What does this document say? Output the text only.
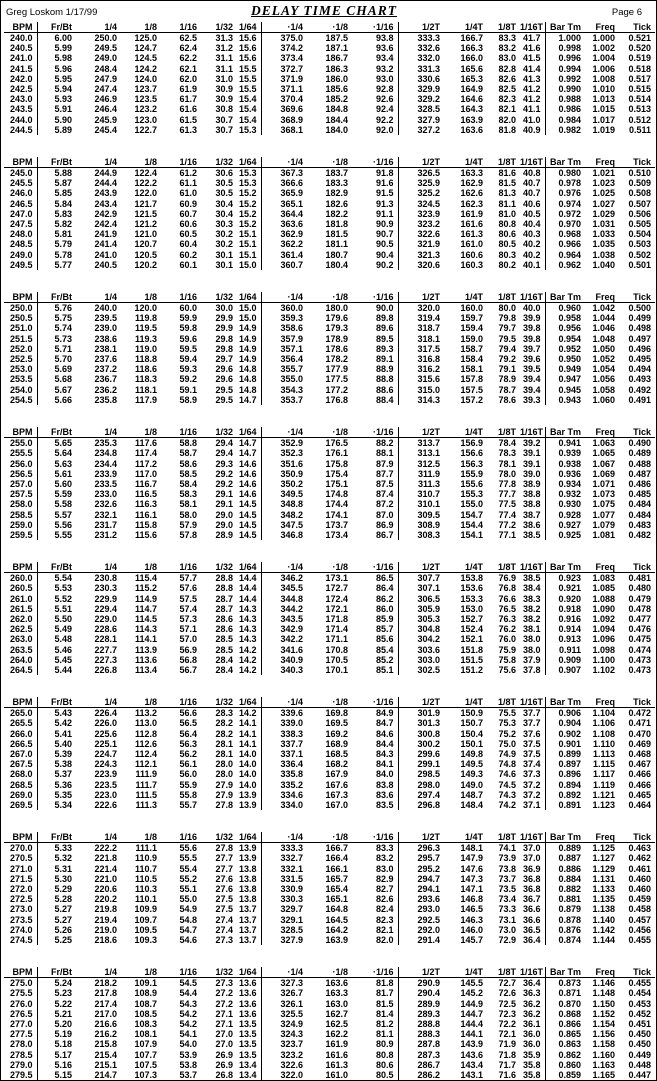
Greg Loskom 1/17/99	DELAY TIME CHART	Page 6
BPM	Fr/Bt	1/4	1/8	1/16	1/32	1/64	·1/4	·1/8	·1/16	1/2T	1/4T	1/8T	1/16T	Bar Tm	Freq	Tick
240.0	6.00	250.0	125.0	62.5	31.3	15.6	375.0	187.5	93.8	333.3	166.7	83.3	41.7	1.000	1.000	0.521
240.5	5.99	249.5	124.7	62.4	31.2	15.6	374.2	187.1	93.6	332.6	166.3	83.2	41.6	0.998	1.002	0.520
241.0	5.98	249.0	124.5	62.2	31.1	15.6	373.4	186.7	93.4	332.0	166.0	83.0	41.5	0.996	1.004	0.519
241.5	5.96	248.4	124.2	62.1	31.1	15.5	372.7	186.3	93.2	331.3	165.6	82.8	41.4	0.994	1.006	0.518
242.0	5.95	247.9	124.0	62.0	31.0	15.5	371.9	186.0	93.0	330.6	165.3	82.6	41.3	0.992	1.008	0.517
242.5	5.94	247.4	123.7	61.9	30.9	15.5	371.1	185.6	92.8	329.9	164.9	82.5	41.2	0.990	1.010	0.515
243.0	5.93	246.9	123.5	61.7	30.9	15.4	370.4	185.2	92.6	329.2	164.6	82.3	41.2	0.988	1.013	0.514
243.5	5.91	246.4	123.2	61.6	30.8	15.4	369.6	184.8	92.4	328.5	164.3	82.1	41.1	0.986	1.015	0.513
244.0	5.90	245.9	123.0	61.5	30.7	15.4	368.9	184.4	92.2	327.9	163.9	82.0	41.0	0.984	1.017	0.512
244.5	5.89	245.4	122.7	61.3	30.7	15.3	368.1	184.0	92.0	327.2	163.6	81.8	40.9	0.982	1.019	0.511
BPM	Fr/Bt	1/4	1/8	1/16	1/32	1/64	·1/4	·1/8	·1/16	1/2T	1/4T	1/8T	1/16T	Bar Tm	Freq	Tick
245.0	5.88	244.9	122.4	61.2	30.6	15.3	367.3	183.7	91.8	326.5	163.3	81.6	40.8	0.980	1.021	0.510
245.5	5.87	244.4	122.2	61.1	30.5	15.3	366.6	183.3	91.6	325.9	162.9	81.5	40.7	0.978	1.023	0.509
246.0	5.85	243.9	122.0	61.0	30.5	15.2	365.9	182.9	91.5	325.2	162.6	81.3	40.7	0.976	1.025	0.508
246.5	5.84	243.4	121.7	60.9	30.4	15.2	365.1	182.6	91.3	324.5	162.3	81.1	40.6	0.974	1.027	0.507
247.0	5.83	242.9	121.5	60.7	30.4	15.2	364.4	182.2	91.1	323.9	161.9	81.0	40.5	0.972	1.029	0.506
247.5	5.82	242.4	121.2	60.6	30.3	15.2	363.6	181.8	90.9	323.2	161.6	80.8	40.4	0.970	1.031	0.505
248.0	5.81	241.9	121.0	60.5	30.2	15.1	362.9	181.5	90.7	322.6	161.3	80.6	40.3	0.968	1.033	0.504
248.5	5.79	241.4	120.7	60.4	30.2	15.1	362.2	181.1	90.5	321.9	161.0	80.5	40.2	0.966	1.035	0.503
249.0	5.78	241.0	120.5	60.2	30.1	15.1	361.4	180.7	90.4	321.3	160.6	80.3	40.2	0.964	1.038	0.502
249.5	5.77	240.5	120.2	60.1	30.1	15.0	360.7	180.4	90.2	320.6	160.3	80.2	40.1	0.962	1.040	0.501
BPM	Fr/Bt	1/4	1/8	1/16	1/32	1/64	·1/4	·1/8	·1/16	1/2T	1/4T	1/8T	1/16T	Bar Tm	Freq	Tick
250.0	5.76	240.0	120.0	60.0	30.0	15.0	360.0	180.0	90.0	320.0	160.0	80.0	40.0	0.960	1.042	0.500
250.5	5.75	239.5	119.8	59.9	29.9	15.0	359.3	179.6	89.8	319.4	159.7	79.8	39.9	0.958	1.044	0.499
251.0	5.74	239.0	119.5	59.8	29.9	14.9	358.6	179.3	89.6	318.7	159.4	79.7	39.8	0.956	1.046	0.498
251.5	5.73	238.6	119.3	59.6	29.8	14.9	357.9	178.9	89.5	318.1	159.0	79.5	39.8	0.954	1.048	0.497
252.0	5.71	238.1	119.0	59.5	29.8	14.9	357.1	178.6	89.3	317.5	158.7	79.4	39.7	0.952	1.050	0.496
252.5	5.70	237.6	118.8	59.4	29.7	14.9	356.4	178.2	89.1	316.8	158.4	79.2	39.6	0.950	1.052	0.495
253.0	5.69	237.2	118.6	59.3	29.6	14.8	355.7	177.9	88.9	316.2	158.1	79.1	39.5	0.949	1.054	0.494
253.5	5.68	236.7	118.3	59.2	29.6	14.8	355.0	177.5	88.8	315.6	157.8	78.9	39.4	0.947	1.056	0.493
254.0	5.67	236.2	118.1	59.1	29.5	14.8	354.3	177.2	88.6	315.0	157.5	78.7	39.4	0.945	1.058	0.492
254.5	5.66	235.8	117.9	58.9	29.5	14.7	353.7	176.8	88.4	314.3	157.2	78.6	39.3	0.943	1.060	0.491
BPM	Fr/Bt	1/4	1/8	1/16	1/32	1/64	·1/4	·1/8	·1/16	1/2T	1/4T	1/8T	1/16T	Bar Tm	Freq	Tick
255.0	5.65	235.3	117.6	58.8	29.4	14.7	352.9	176.5	88.2	313.7	156.9	78.4	39.2	0.941	1.063	0.490
255.5	5.64	234.8	117.4	58.7	29.4	14.7	352.3	176.1	88.1	313.1	156.6	78.3	39.1	0.939	1.065	0.489
256.0	5.63	234.4	117.2	58.6	29.3	14.6	351.6	175.8	87.9	312.5	156.3	78.1	39.1	0.938	1.067	0.488
256.5	5.61	233.9	117.0	58.5	29.2	14.6	350.9	175.4	87.7	311.9	155.9	78.0	39.0	0.936	1.069	0.487
257.0	5.60	233.5	116.7	58.4	29.2	14.6	350.2	175.1	87.5	311.3	155.6	77.8	38.9	0.934	1.071	0.486
257.5	5.59	233.0	116.5	58.3	29.1	14.6	349.5	174.8	87.4	310.7	155.3	77.7	38.8	0.932	1.073	0.485
258.0	5.58	232.6	116.3	58.1	29.1	14.5	348.8	174.4	87.2	310.1	155.0	77.5	38.8	0.930	1.075	0.484
258.5	5.57	232.1	116.1	58.0	29.0	14.5	348.2	174.1	87.0	309.5	154.7	77.4	38.7	0.928	1.077	0.484
259.0	5.56	231.7	115.8	57.9	29.0	14.5	347.5	173.7	86.9	308.9	154.4	77.2	38.6	0.927	1.079	0.483
259.5	5.55	231.2	115.6	57.8	28.9	14.5	346.8	173.4	86.7	308.3	154.1	77.1	38.5	0.925	1.081	0.482
BPM	Fr/Bt	1/4	1/8	1/16	1/32	1/64	·1/4	·1/8	·1/16	1/2T	1/4T	1/8T	1/16T	Bar Tm	Freq	Tick
260.0	5.54	230.8	115.4	57.7	28.8	14.4	346.2	173.1	86.5	307.7	153.8	76.9	38.5	0.923	1.083	0.481
260.5	5.53	230.3	115.2	57.6	28.8	14.4	345.5	172.7	86.4	307.1	153.6	76.8	38.4	0.921	1.085	0.480
261.0	5.52	229.9	114.9	57.5	28.7	14.4	344.8	172.4	86.2	306.5	153.3	76.6	38.3	0.920	1.088	0.479
261.5	5.51	229.4	114.7	57.4	28.7	14.3	344.2	172.1	86.0	305.9	153.0	76.5	38.2	0.918	1.090	0.478
262.0	5.50	229.0	114.5	57.3	28.6	14.3	343.5	171.8	85.9	305.3	152.7	76.3	38.2	0.916	1.092	0.477
262.5	5.49	228.6	114.3	57.1	28.6	14.3	342.9	171.4	85.7	304.8	152.4	76.2	38.1	0.914	1.094	0.476
263.0	5.48	228.1	114.1	57.0	28.5	14.3	342.2	171.1	85.6	304.2	152.1	76.0	38.0	0.913	1.096	0.475
263.5	5.46	227.7	113.9	56.9	28.5	14.2	341.6	170.8	85.4	303.6	151.8	75.9	38.0	0.911	1.098	0.474
264.0	5.45	227.3	113.6	56.8	28.4	14.2	340.9	170.5	85.2	303.0	151.5	75.8	37.9	0.909	1.100	0.473
264.5	5.44	226.8	113.4	56.7	28.4	14.2	340.3	170.1	85.1	302.5	151.2	75.6	37.8	0.907	1.102	0.473
BPM	Fr/Bt	1/4	1/8	1/16	1/32	1/64	·1/4	·1/8	·1/16	1/2T	1/4T	1/8T	1/16T	Bar Tm	Freq	Tick
265.0	5.43	226.4	113.2	56.6	28.3	14.2	339.6	169.8	84.9	301.9	150.9	75.5	37.7	0.906	1.104	0.472
265.5	5.42	226.0	113.0	56.5	28.2	14.1	339.0	169.5	84.7	301.3	150.7	75.3	37.7	0.904	1.106	0.471
266.0	5.41	225.6	112.8	56.4	28.2	14.1	338.3	169.2	84.6	300.8	150.4	75.2	37.6	0.902	1.108	0.470
266.5	5.40	225.1	112.6	56.3	28.1	14.1	337.7	168.9	84.4	300.2	150.1	75.0	37.5	0.901	1.110	0.469
267.0	5.39	224.7	112.4	56.2	28.1	14.0	337.1	168.5	84.3	299.6	149.8	74.9	37.5	0.899	1.113	0.468
267.5	5.38	224.3	112.1	56.1	28.0	14.0	336.4	168.2	84.1	299.1	149.5	74.8	37.4	0.897	1.115	0.467
268.0	5.37	223.9	111.9	56.0	28.0	14.0	335.8	167.9	84.0	298.5	149.3	74.6	37.3	0.896	1.117	0.466
268.5	5.36	223.5	111.7	55.9	27.9	14.0	335.2	167.6	83.8	298.0	149.0	74.5	37.2	0.894	1.119	0.466
269.0	5.35	223.0	111.5	55.8	27.9	13.9	334.6	167.3	83.6	297.4	148.7	74.3	37.2	0.892	1.121	0.465
269.5	5.34	222.6	111.3	55.7	27.8	13.9	334.0	167.0	83.5	296.8	148.4	74.2	37.1	0.891	1.123	0.464
BPM	Fr/Bt	1/4	1/8	1/16	1/32	1/64	·1/4	·1/8	·1/16	1/2T	1/4T	1/8T	1/16T	Bar Tm	Freq	Tick
270.0	5.33	222.2	111.1	55.6	27.8	13.9	333.3	166.7	83.3	296.3	148.1	74.1	37.0	0.889	1.125	0.463
270.5	5.32	221.8	110.9	55.5	27.7	13.9	332.7	166.4	83.2	295.7	147.9	73.9	37.0	0.887	1.127	0.462
271.0	5.31	221.4	110.7	55.4	27.7	13.8	332.1	166.1	83.0	295.2	147.6	73.8	36.9	0.886	1.129	0.461
271.5	5.30	221.0	110.5	55.2	27.6	13.8	331.5	165.7	82.9	294.7	147.3	73.7	36.8	0.884	1.131	0.460
272.0	5.29	220.6	110.3	55.1	27.6	13.8	330.9	165.4	82.7	294.1	147.1	73.5	36.8	0.882	1.133	0.460
272.5	5.28	220.2	110.1	55.0	27.5	13.8	330.3	165.1	82.6	293.6	146.8	73.4	36.7	0.881	1.135	0.459
273.0	5.27	219.8	109.9	54.9	27.5	13.7	329.7	164.8	82.4	293.0	146.5	73.3	36.6	0.879	1.138	0.458
273.5	5.27	219.4	109.7	54.8	27.4	13.7	329.1	164.5	82.3	292.5	146.3	73.1	36.6	0.878	1.140	0.457
274.0	5.26	219.0	109.5	54.7	27.4	13.7	328.5	164.2	82.1	292.0	146.0	73.0	36.5	0.876	1.142	0.456
274.5	5.25	218.6	109.3	54.6	27.3	13.7	327.9	163.9	82.0	291.4	145.7	72.9	36.4	0.874	1.144	0.455
BPM	Fr/Bt	1/4	1/8	1/16	1/32	1/64	·1/4	·1/8	·1/16	1/2T	1/4T	1/8T	1/16T	Bar Tm	Freq	Tick
275.0	5.24	218.2	109.1	54.5	27.3	13.6	327.3	163.6	81.8	290.9	145.5	72.7	36.4	0.873	1.146	0.455
275.5	5.23	217.8	108.9	54.4	27.2	13.6	326.7	163.3	81.7	290.4	145.2	72.6	36.3	0.871	1.148	0.454
276.0	5.22	217.4	108.7	54.3	27.2	13.6	326.1	163.0	81.5	289.9	144.9	72.5	36.2	0.870	1.150	0.453
276.5	5.21	217.0	108.5	54.2	27.1	13.6	325.5	162.7	81.4	289.3	144.7	72.3	36.2	0.868	1.152	0.452
277.0	5.20	216.6	108.3	54.2	27.1	13.5	324.9	162.5	81.2	288.8	144.4	72.2	36.1	0.866	1.154	0.451
277.5	5.19	216.2	108.1	54.1	27.0	13.5	324.3	162.2	81.1	288.3	144.1	72.1	36.0	0.865	1.156	0.450
278.0	5.18	215.8	107.9	54.0	27.0	13.5	323.7	161.9	80.9	287.8	143.9	71.9	36.0	0.863	1.158	0.450
278.5	5.17	215.4	107.7	53.9	26.9	13.5	323.2	161.6	80.8	287.3	143.6	71.8	35.9	0.862	1.160	0.449
279.0	5.16	215.1	107.5	53.8	26.9	13.4	322.6	161.3	80.6	286.7	143.4	71.7	35.8	0.860	1.163	0.448
279.5	5.15	214.7	107.3	53.7	26.8	13.4	322.0	161.0	80.5	286.2	143.1	71.6	35.8	0.859	1.165	0.447
